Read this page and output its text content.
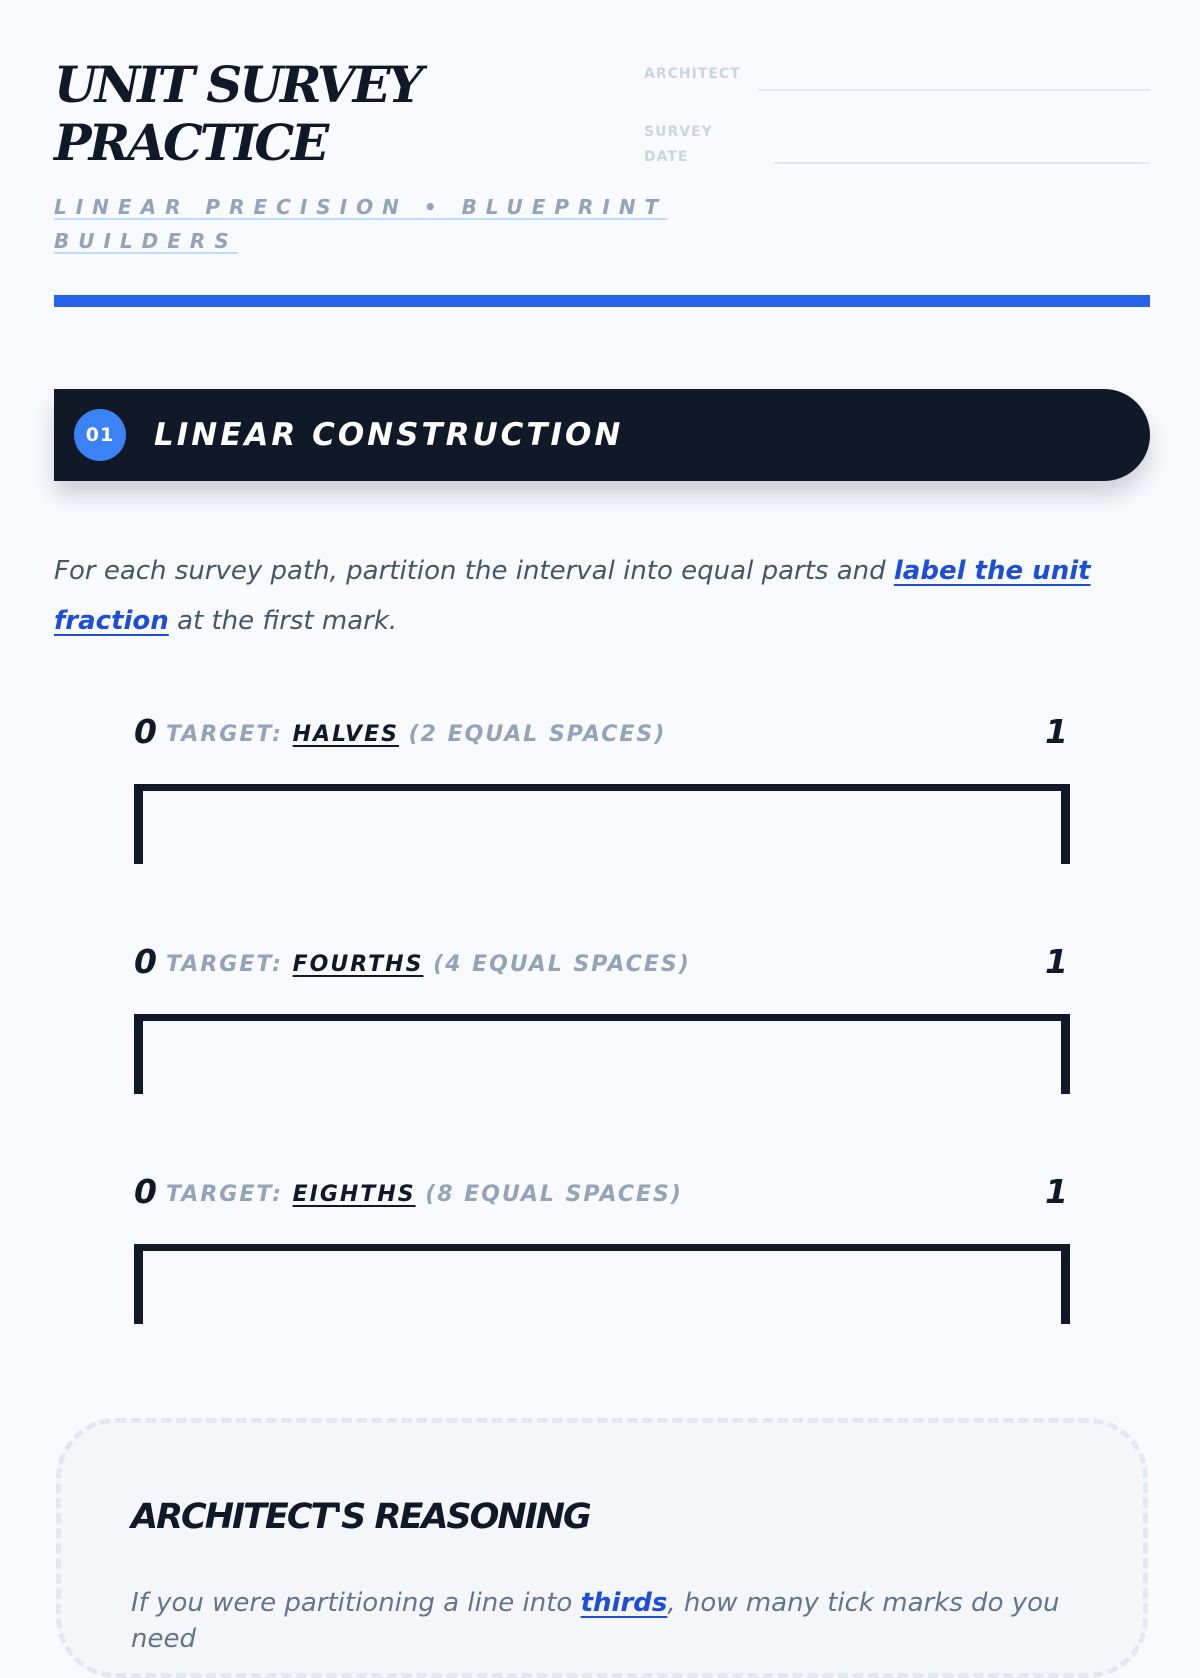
UNIT SURVEY
PRACTICE
LINEAR PRECISION • BLUEPRINT BUILDERS
ARCHITECT
SURVEY
DATE
01	LINEAR CONSTRUCTION

For each survey path, partition the interval into equal parts and label the unit fraction at the first mark.

0 TARGET: HALVES (2 EQUAL SPACES)	1
0 TARGET: FOURTHS (4 EQUAL SPACES)	1
0 TARGET: EIGHTHS (8 EQUAL SPACES)	1
ARCHITECT'S REASONING

If you were partitioning a line into thirds, how many tick marks do you need
